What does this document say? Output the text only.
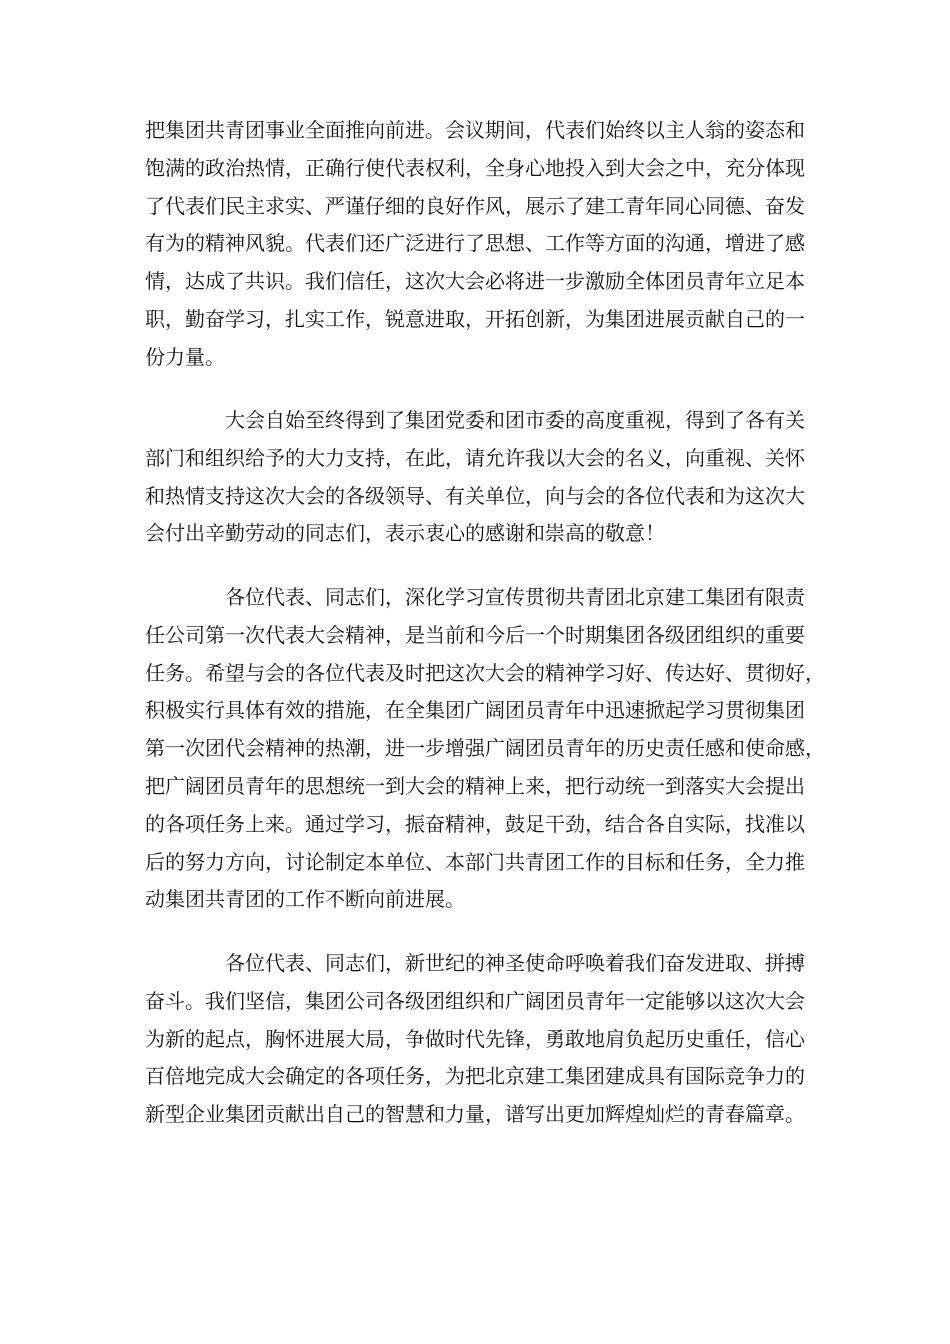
把集团共青团事业全面推向前进。会议期间，代表们始终以主人翁的姿态和
饱满的政治热情，正确行使代表权利，全身心地投入到大会之中，充分体现
了代表们民主求实、严谨仔细的良好作风，展示了建工青年同心同德、奋发
有为的精神风貌。代表们还广泛进行了思想、工作等方面的沟通，增进了感
情，达成了共识。我们信任，这次大会必将进一步激励全体团员青年立足本
职，勤奋学习，扎实工作，锐意进取，开拓创新，为集团进展贡献自己的一
份力量。
大会自始至终得到了集团党委和团市委的高度重视，得到了各有关
部门和组织给予的大力支持，在此，请允许我以大会的名义，向重视、关怀
和热情支持这次大会的各级领导、有关单位，向与会的各位代表和为这次大
会付出辛勤劳动的同志们，表示衷心的感谢和崇高的敬意！
各位代表、同志们，深化学习宣传贯彻共青团北京建工集团有限责
任公司第一次代表大会精神，是当前和今后一个时期集团各级团组织的重要
任务。希望与会的各位代表及时把这次大会的精神学习好、传达好、贯彻好，
积极实行具体有效的措施，在全集团广阔团员青年中迅速掀起学习贯彻集团
第一次团代会精神的热潮，进一步增强广阔团员青年的历史责任感和使命感，
把广阔团员青年的思想统一到大会的精神上来，把行动统一到落实大会提出
的各项任务上来。通过学习，振奋精神，鼓足干劲，结合各自实际，找准以
后的努力方向，讨论制定本单位、本部门共青团工作的目标和任务，全力推
动集团共青团的工作不断向前进展。
各位代表、同志们，新世纪的神圣使命呼唤着我们奋发进取、拼搏
奋斗。我们坚信，集团公司各级团组织和广阔团员青年一定能够以这次大会
为新的起点，胸怀进展大局，争做时代先锋，勇敢地肩负起历史重任，信心
百倍地完成大会确定的各项任务，为把北京建工集团建成具有国际竞争力的
新型企业集团贡献出自己的智慧和力量，谱写出更加辉煌灿烂的青春篇章。
